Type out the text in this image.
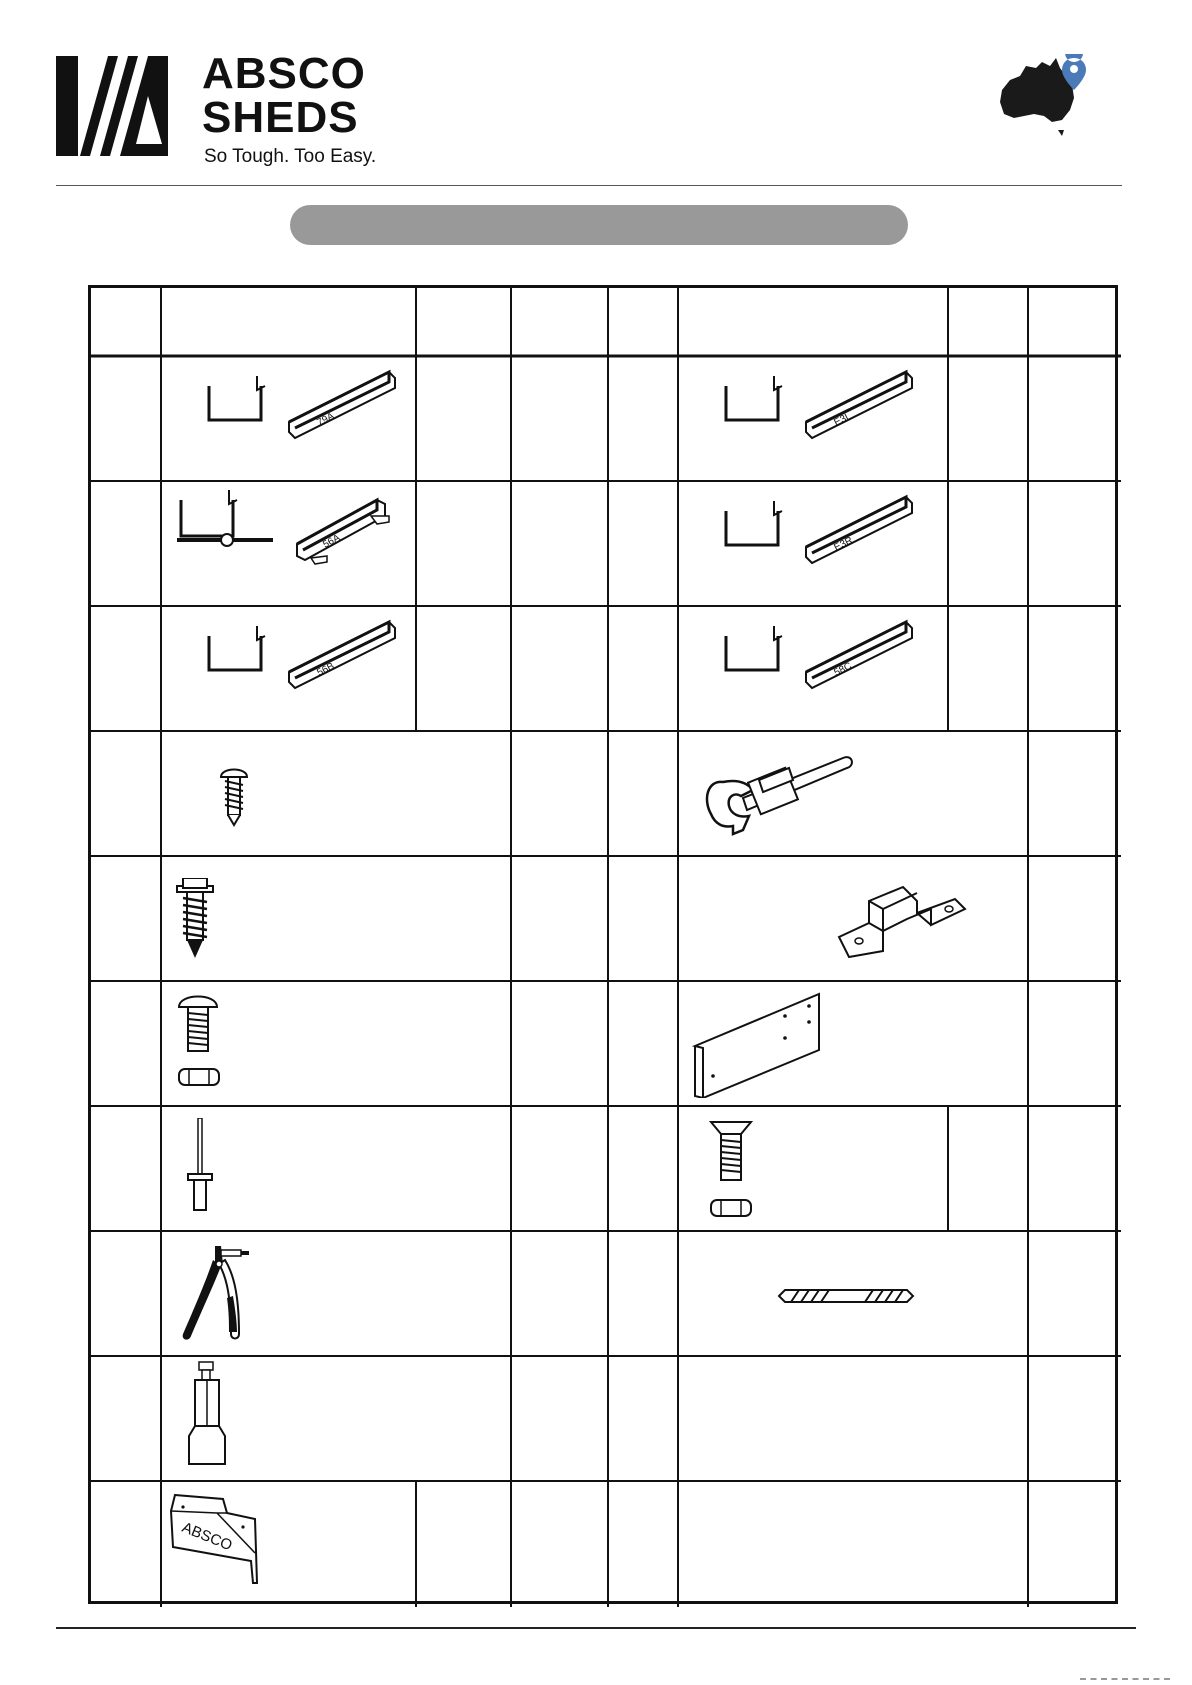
ABSCO
SHEDS
So Tough. Too Easy.
79A	E3L
56A	E3R
56B	58C
ABSCO
